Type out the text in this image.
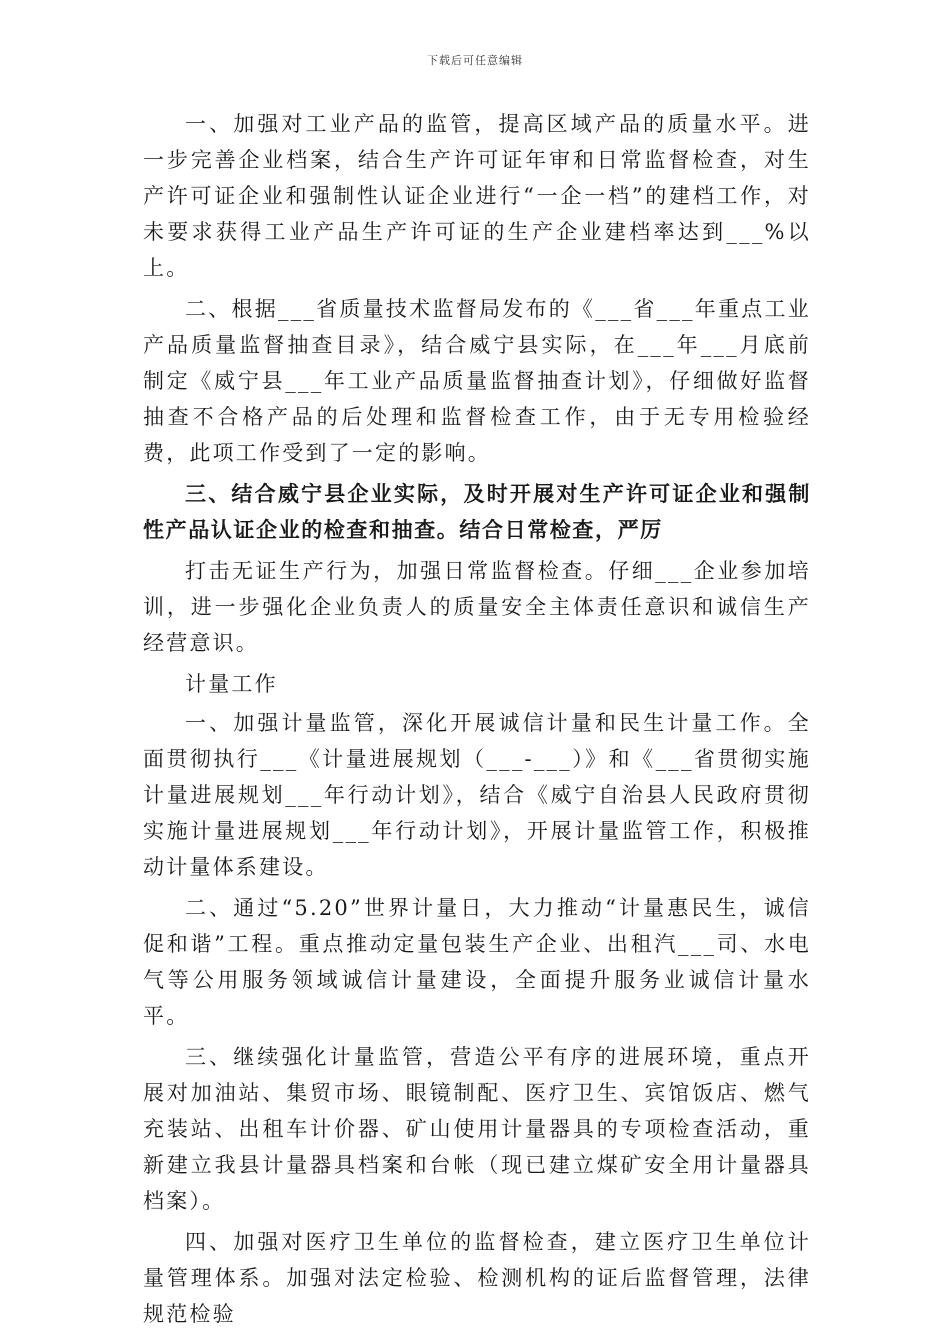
下载后可任意编辑

一、加强对工业产品的监管，提高区域产品的质量水平。进一步完善企业档案，结合生产许可证年审和日常监督检查，对生产许可证企业和强制性认证企业进行“一企一档”的建档工作，对未要求获得工业产品生产许可证的生产企业建档率达到___%以上。

二、根据___省质量技术监督局发布的《___省___年重点工业产品质量监督抽查目录》，结合威宁县实际，在___年___月底前制定《威宁县___年工业产品质量监督抽查计划》，仔细做好监督抽查不合格产品的后处理和监督检查工作，由于无专用检验经费，此项工作受到了一定的影响。

三、结合威宁县企业实际，及时开展对生产许可证企业和强制性产品认证企业的检查和抽查。结合日常检查，严厉

打击无证生产行为，加强日常监督检查。仔细___企业参加培训，进一步强化企业负责人的质量安全主体责任意识和诚信生产经营意识。

计量工作

一、加强计量监管，深化开展诚信计量和民生计量工作。全面贯彻执行___《计量进展规划（___-___）》和《___省贯彻实施计量进展规划___年行动计划》，结合《威宁自治县人民政府贯彻实施计量进展规划___年行动计划》，开展计量监管工作，积极推动计量体系建设。

二、通过“5.20”世界计量日，大力推动“计量惠民生，诚信促和谐”工程。重点推动定量包装生产企业、出租汽___司、水电气等公用服务领域诚信计量建设，全面提升服务业诚信计量水平。

三、继续强化计量监管，营造公平有序的进展环境，重点开展对加油站、集贸市场、眼镜制配、医疗卫生、宾馆饭店、燃气充装站、出租车计价器、矿山使用计量器具的专项检查活动，重新建立我县计量器具档案和台帐（现已建立煤矿安全用计量器具档案）。

四、加强对医疗卫生单位的监督检查，建立医疗卫生单位计量管理体系。加强对法定检验、检测机构的证后监督管理，法律规范检验
